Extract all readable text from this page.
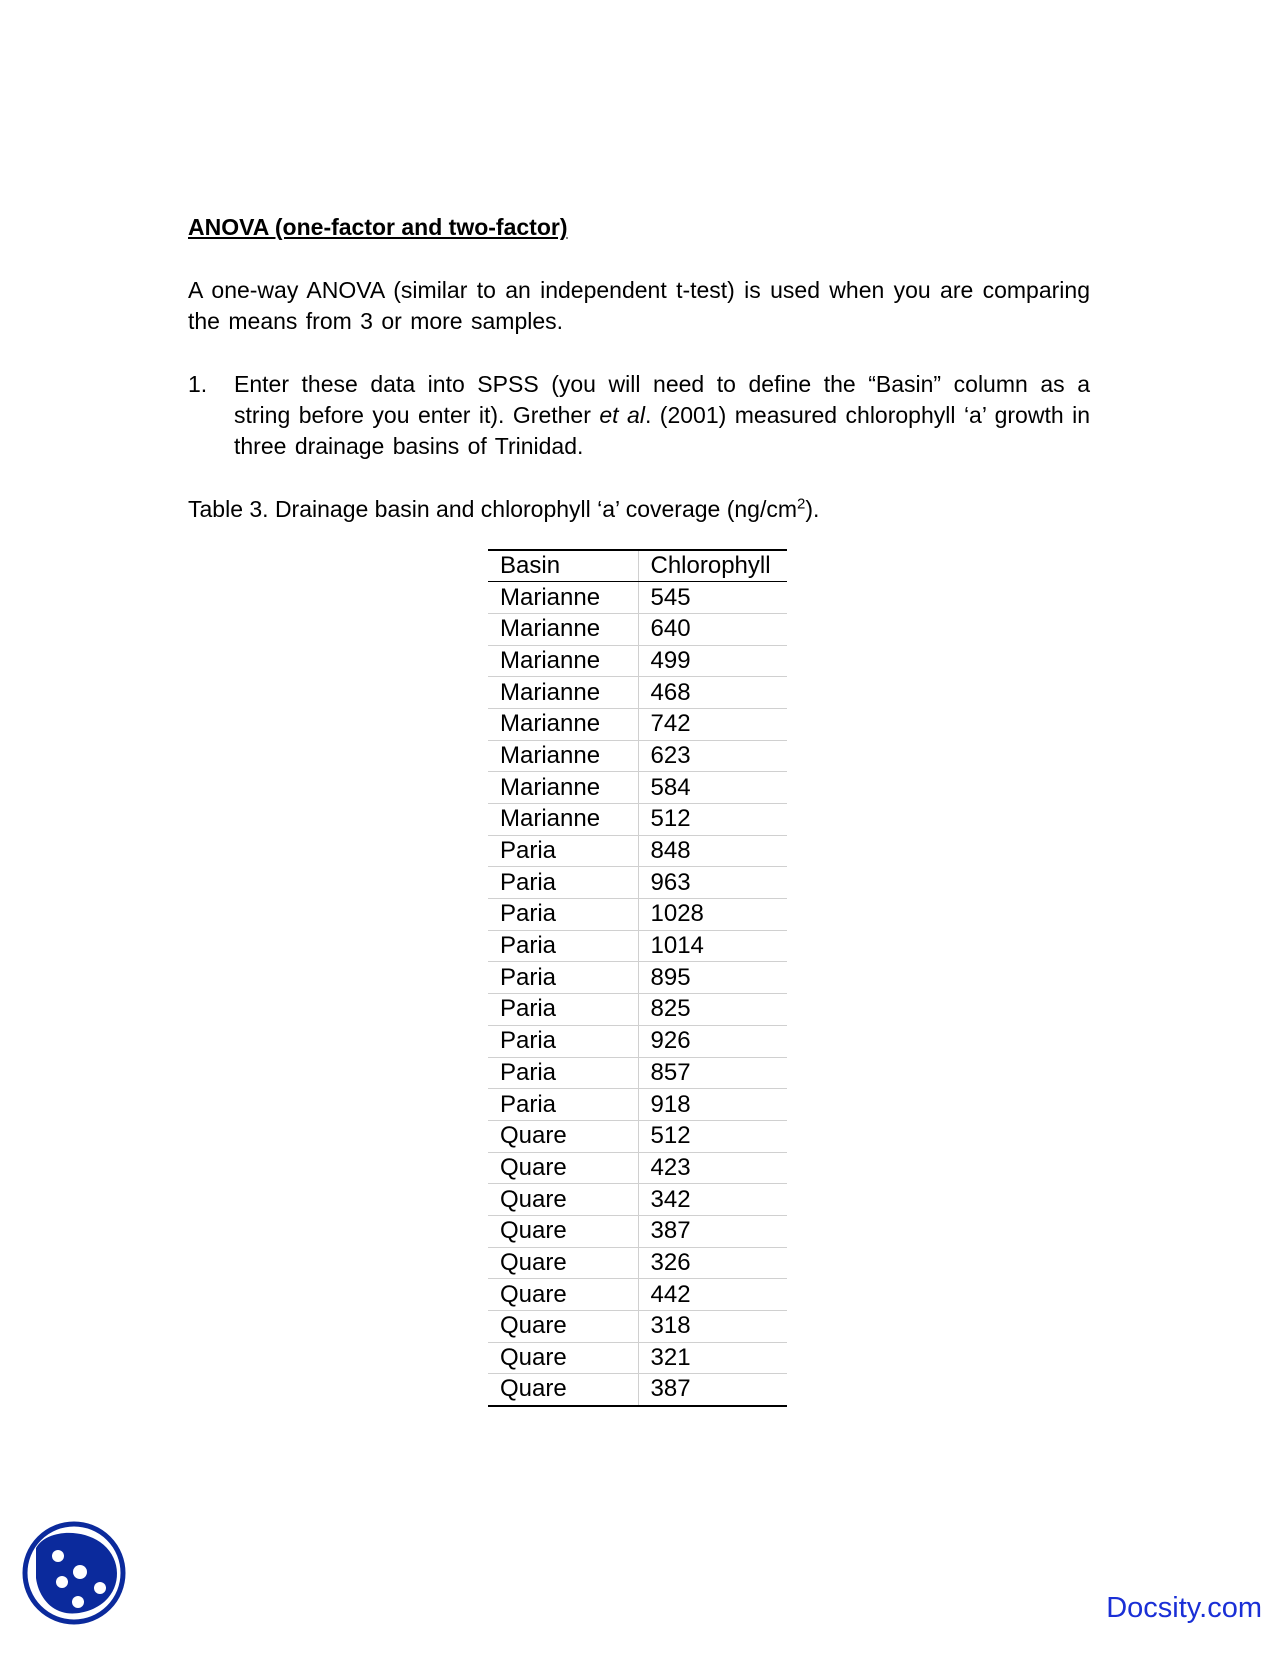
ANOVA (one-factor and two-factor)
A one-way ANOVA (similar to an independent t-test) is used when you are comparing the means from 3 or more samples.
1.	Enter these data into SPSS (you will need to define the “Basin” column as a string before you enter it). Grether et al. (2001) measured chlorophyll ‘a’ growth in three drainage basins of Trinidad.
Table 3. Drainage basin and chlorophyll ‘a’ coverage $(ng/cm^2)$.
Basin	Chlorophyll
Marianne	545
Marianne	640
Marianne	499
Marianne	468
Marianne	742
Marianne	623
Marianne	584
Marianne	512
Paria	848
Paria	963
Paria	1028
Paria	1014
Paria	895
Paria	825
Paria	926
Paria	857
Paria	918
Quare	512
Quare	423
Quare	342
Quare	387
Quare	326
Quare	442
Quare	318
Quare	321
Quare	387
Docsity.com
